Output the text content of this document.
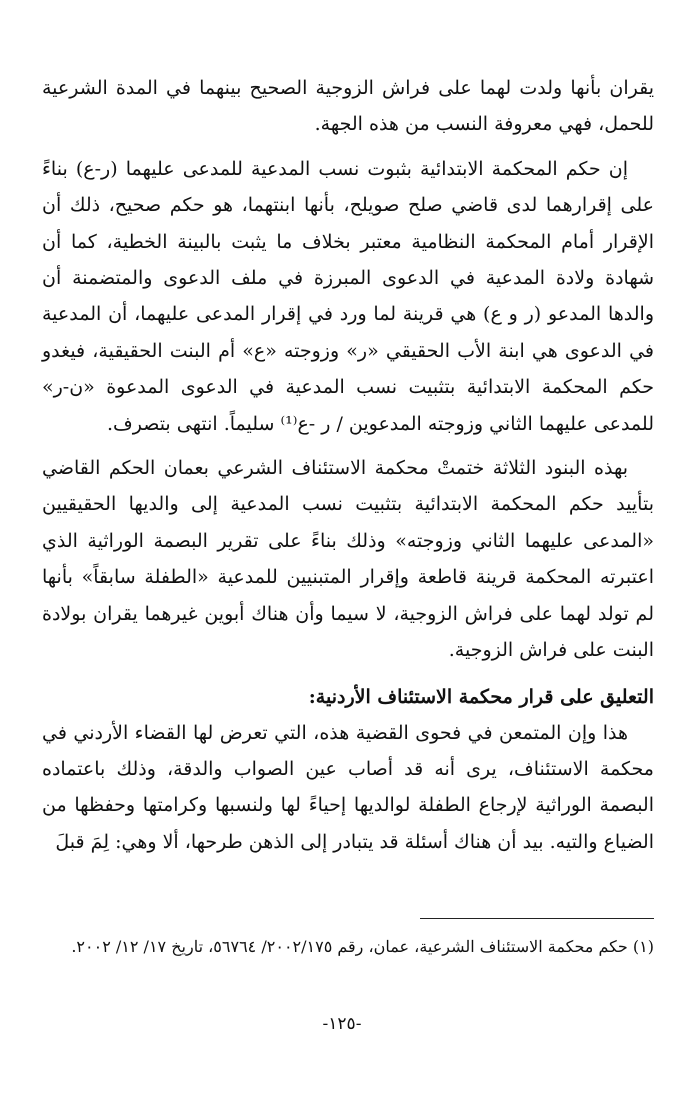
يقران بأنها ولدت لهما على فراش الزوجية الصحيح بينهما في المدة الشرعية للحمل، فهي معروفة النسب من هذه الجهة.

إن حكم المحكمة الابتدائية بثبوت نسب المدعية للمدعى عليهما (ر-ع) بناءً على إقرارهما لدى قاضي صلح صويلح، بأنها ابنتهما، هو حكم صحيح، ذلك أن الإقرار أمام المحكمة النظامية معتبر بخلاف ما يثبت بالبينة الخطية، كما أن شهادة ولادة المدعية في الدعوى المبرزة في ملف الدعوى والمتضمنة أن والدها المدعو (ر و ع) هي قرينة لما ورد في إقرار المدعى عليهما، أن المدعية في الدعوى هي ابنة الأب الحقيقي «ر» وزوجته «ع» أم البنت الحقيقية، فيغدو حكم المحكمة الابتدائية بتثبيت نسب المدعية في الدعوى المدعوة «ن-ر» للمدعى عليهما الثاني وزوجته المدعوين / ر -ع⁽¹⁾ سليماً. انتهى بتصرف.

بهذه البنود الثلاثة ختمتْ محكمة الاستئناف الشرعي بعمان الحكم القاضي بتأييد حكم المحكمة الابتدائية بتثبيت نسب المدعية إلى والديها الحقيقيين «المدعى عليهما الثاني وزوجته» وذلك بناءً على تقرير البصمة الوراثية الذي اعتبرته المحكمة قرينة قاطعة وإقرار المتبنيين للمدعية «الطفلة سابقاً» بأنها لم تولد لهما على فراش الزوجية، لا سيما وأن هناك أبوين غيرهما يقران بولادة البنت على فراش الزوجية.

التعليق على قرار محكمة الاستئناف الأردنية:

هذا وإن المتمعن في فحوى القضية هذه، التي تعرض لها القضاء الأردني في محكمة الاستئناف، يرى أنه قد أصاب عين الصواب والدقة، وذلك باعتماده البصمة الوراثية لإرجاع الطفلة لوالديها إحياءً لها ولنسبها وكرامتها وحفظها من الضياع والتيه. بيد أن هناك أسئلة قد يتبادر إلى الذهن طرحها، ألا وهي: لِمَ قبلَ

(١) حكم محكمة الاستئناف الشرعية، عمان، رقم ٢٠٠٢/١٧٥/ ٥٦٧٦٤، تاريخ ١٧/ ١٢/ ٢٠٠٢.
-١٢٥-
